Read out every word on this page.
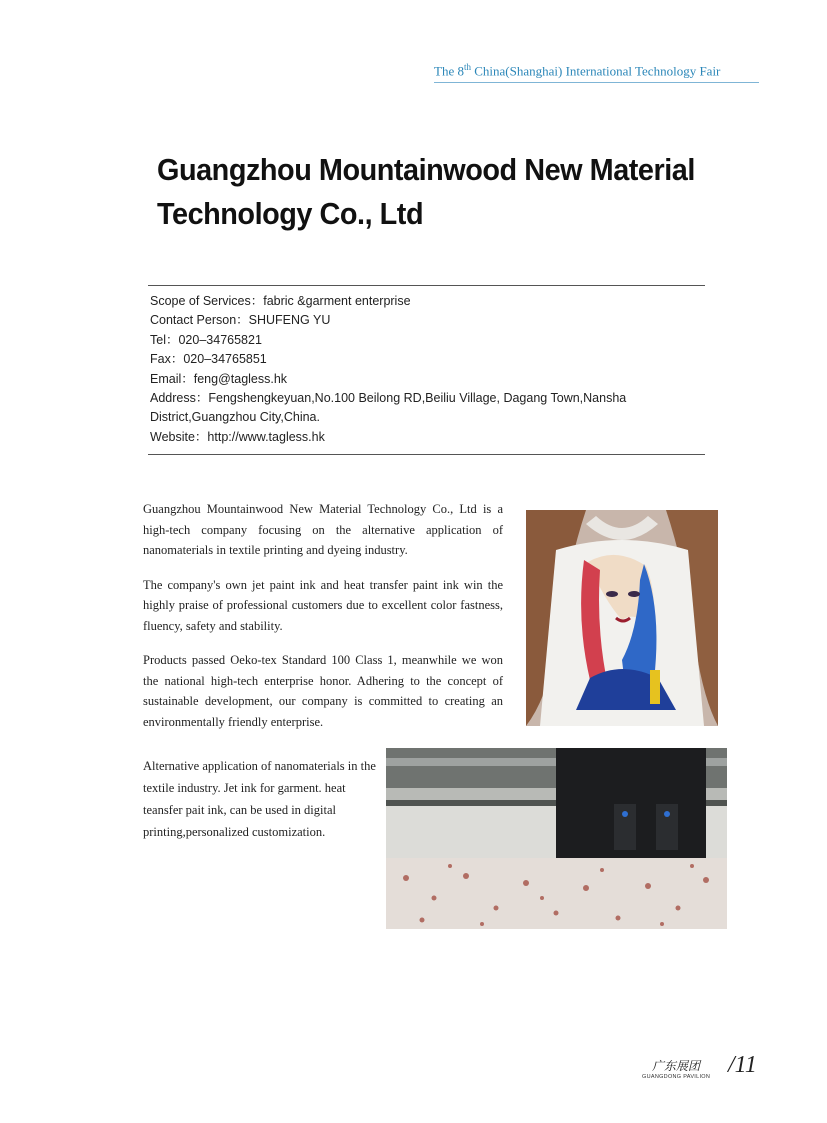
The 8th China(Shanghai) International Technology Fair
Guangzhou Mountainwood New Material Technology Co., Ltd
Scope of Services：fabric &garment enterprise
Contact Person：SHUFENG YU
Tel：020–34765821
Fax：020–34765851
Email：feng@tagless.hk
Address：Fengshengkeyuan,No.100 Beilong RD,Beiliu Village, Dagang Town,Nansha District,Guangzhou City,China.
Website：http://www.tagless.hk

Guangzhou Mountainwood New Material Technology Co., Ltd is a high-tech company focusing on the alternative application of nanomaterials in textile printing and dyeing industry.

The company's own jet paint ink and heat transfer paint ink win the highly praise of professional customers due to excellent color fastness, fluency, safety and stability.

Products passed Oeko-tex Standard 100 Class 1, meanwhile we won the national high-tech enterprise honor. Adhering to the concept of sustainable development, our company is committed to creating an environmentally friendly enterprise.

Alternative application of nanomaterials in the textile industry. Jet ink for garment. heat teansfer pait ink, can be used in digital printing,personalized customization.
广东展团
GUANGDONG PAVILION /11
